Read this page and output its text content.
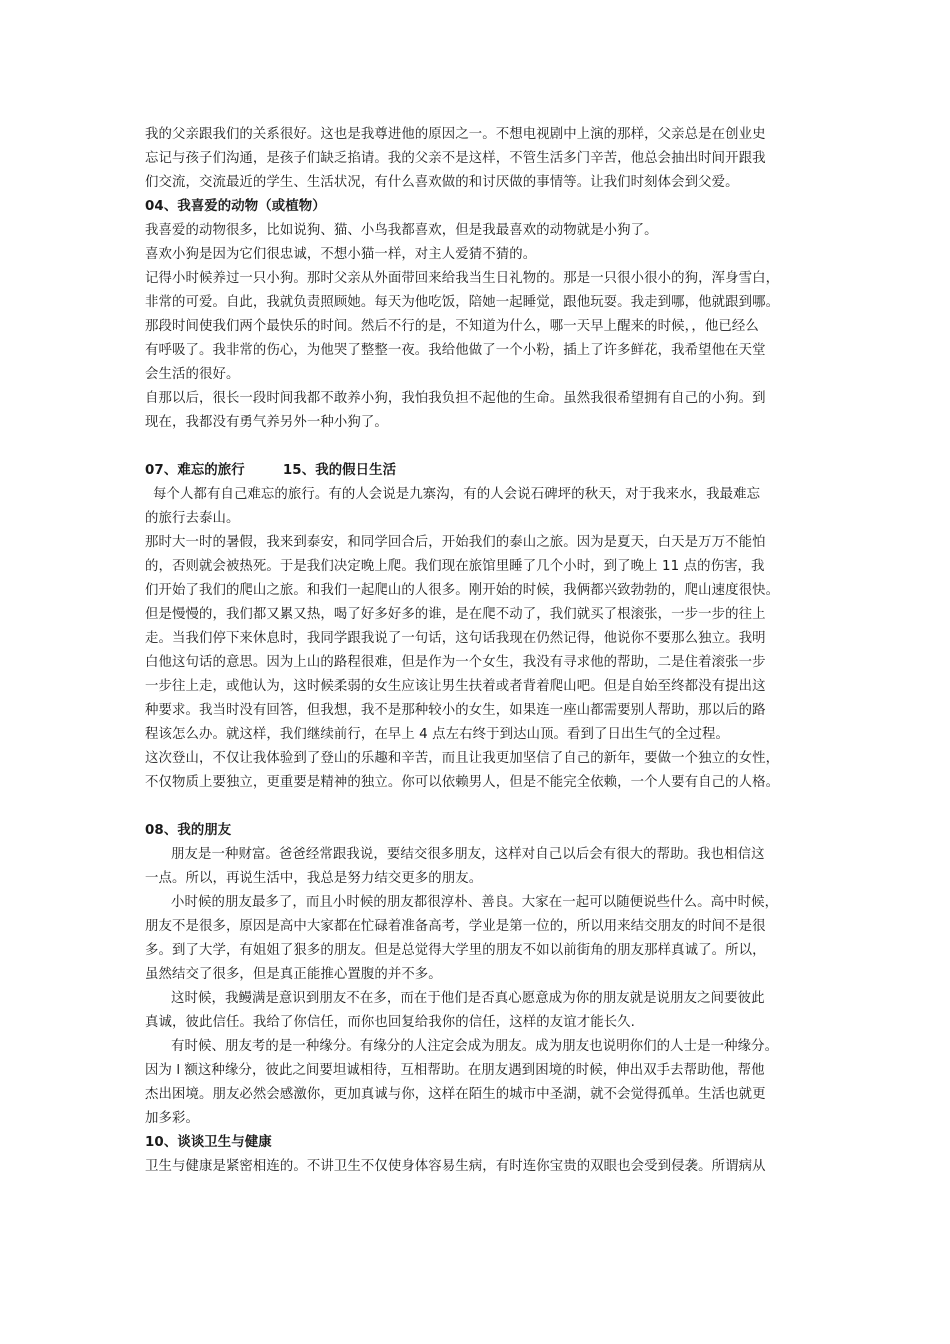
我的父亲跟我们的关系很好。这也是我尊进他的原因之一。不想电视剧中上演的那样，父亲总是在创业史
忘记与孩子们沟通，是孩子们缺乏掐请。我的父亲不是这样，不管生活多门辛苦，他总会抽出时间开跟我
们交流，交流最近的学生、生活状况，有什么喜欢做的和讨厌做的事情等。让我们时刻体会到父爱。
04、我喜爱的动物（或植物）
我喜爱的动物很多，比如说狗、猫、小鸟我都喜欢，但是我最喜欢的动物就是小狗了。
喜欢小狗是因为它们很忠诚，不想小猫一样，对主人爱猜不猜的。
记得小时候养过一只小狗。那时父亲从外面带回来给我当生日礼物的。那是一只很小很小的狗，浑身雪白，
非常的可爱。自此，我就负责照顾她。每天为他吃饭，陪她一起睡觉，跟他玩耍。我走到哪，他就跟到哪。
那段时间使我们两个最快乐的时间。然后不行的是，不知道为什么，哪一天早上醒来的时候，，他已经么
有呼吸了。我非常的伤心，为他哭了整整一夜。我给他做了一个小粉，插上了许多鲜花，我希望他在天堂
会生活的很好。
自那以后，很长一段时间我都不敢养小狗，我怕我负担不起他的生命。虽然我很希望拥有自己的小狗。到
现在，我都没有勇气养另外一种小狗了。
07、难忘的旅行        15、我的假日生活
每个人都有自己难忘的旅行。有的人会说是九寨沟，有的人会说石碑坪的秋天，对于我来水，我最难忘
的旅行去泰山。
那时大一时的暑假，我来到泰安，和同学回合后，开始我们的泰山之旅。因为是夏天，白天是万万不能怕
的，否则就会被热死。于是我们决定晚上爬。我们现在旅馆里睡了几个小时，到了晚上 11 点的伤害，我
们开始了我们的爬山之旅。和我们一起爬山的人很多。刚开始的时候，我俩都兴致勃勃的，爬山速度很快。
但是慢慢的，我们都又累又热，喝了好多好多的谁，是在爬不动了，我们就买了根滚张，一步一步的往上
走。当我们停下来休息时，我同学跟我说了一句话，这句话我现在仍然记得，他说你不要那么独立。我明
白他这句话的意思。因为上山的路程很难，但是作为一个女生，我没有寻求他的帮助，二是住着滚张一步
一步往上走，或他认为，这时候柔弱的女生应该让男生扶着或者背着爬山吧。但是自始至终都没有提出这
种要求。我当时没有回答，但我想，我不是那种较小的女生，如果连一座山都需要别人帮助，那以后的路
程该怎么办。就这样，我们继续前行，在早上 4 点左右终于到达山顶。看到了日出生气的全过程。
这次登山，不仅让我体验到了登山的乐趣和辛苦，而且让我更加坚信了自己的新年，要做一个独立的女性，
不仅物质上要独立，更重要是精神的独立。你可以依赖男人，但是不能完全依赖，一个人要有自己的人格。
08、我的朋友
朋友是一种财富。爸爸经常跟我说，要结交很多朋友，这样对自己以后会有很大的帮助。我也相信这
一点。所以，再说生活中，我总是努力结交更多的朋友。
小时候的朋友最多了，而且小时候的朋友都很淳朴、善良。大家在一起可以随便说些什么。高中时候，
朋友不是很多，原因是高中大家都在忙碌着准备高考，学业是第一位的，所以用来结交朋友的时间不是很
多。到了大学，有姐姐了狠多的朋友。但是总觉得大学里的朋友不如以前街角的朋友那样真诚了。所以，
虽然结交了很多，但是真正能推心置腹的并不多。
这时候，我鳗满是意识到朋友不在多，而在于他们是否真心愿意成为你的朋友就是说朋友之间要彼此
真诚，彼此信任。我给了你信任，而你也回复给我你的信任，这样的友谊才能长久.
有时候、朋友考的是一种缘分。有缘分的人注定会成为朋友。成为朋友也说明你们的人士是一种缘分。
因为 l 额这种缘分，彼此之间要坦诚相待，互相帮助。在朋友遇到困境的时候，伸出双手去帮助他，帮他
杰出困境。朋友必然会感激你，更加真诚与你，这样在陌生的城市中圣湖，就不会觉得孤单。生活也就更
加多彩。
10、谈谈卫生与健康
卫生与健康是紧密相连的。不讲卫生不仅使身体容易生病，有时连你宝贵的双眼也会受到侵袭。所谓病从
